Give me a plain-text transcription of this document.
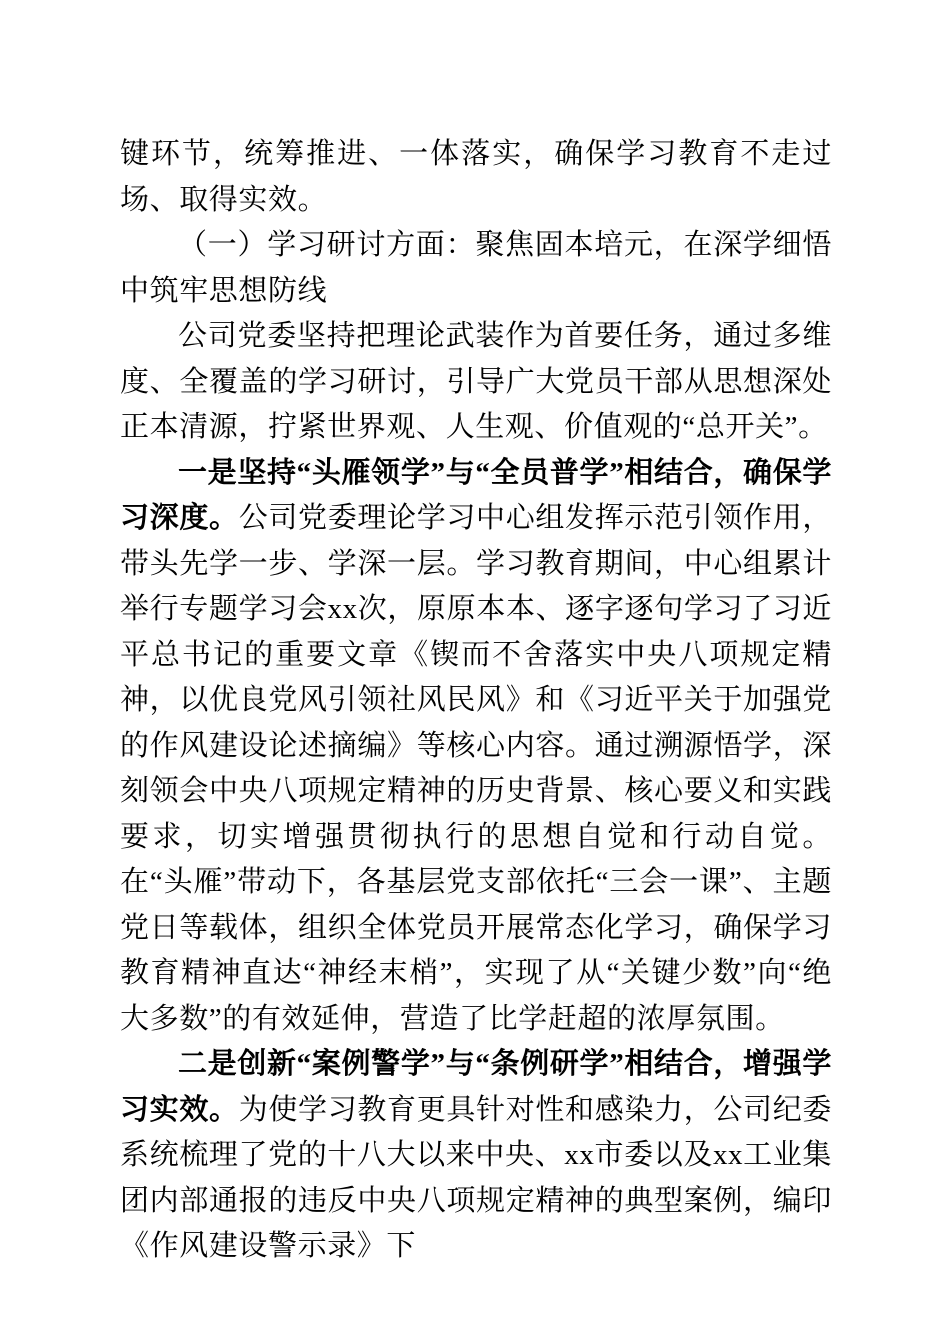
键环节，统筹推进、一体落实，确保学习教育不走过场、取得实效。

（一）学习研讨方面：聚焦固本培元，在深学细悟中筑牢思想防线

公司党委坚持把理论武装作为首要任务，通过多维度、全覆盖的学习研讨，引导广大党员干部从思想深处正本清源，拧紧世界观、人生观、价值观的“总开关”。

一是坚持“头雁领学”与“全员普学”相结合，确保学习深度。公司党委理论学习中心组发挥示范引领作用，带头先学一步、学深一层。学习教育期间，中心组累计举行专题学习会xx次，原原本本、逐字逐句学习了习近平总书记的重要文章《锲而不舍落实中央八项规定精神，以优良党风引领社风民风》和《习近平关于加强党的作风建设论述摘编》等核心内容。通过溯源悟学，深刻领会中央八项规定精神的历史背景、核心要义和实践要求，切实增强贯彻执行的思想自觉和行动自觉。在“头雁”带动下，各基层党支部依托“三会一课”、主题党日等载体，组织全体党员开展常态化学习，确保学习教育精神直达“神经末梢”，实现了从“关键少数”向“绝大多数”的有效延伸，营造了比学赶超的浓厚氛围。

二是创新“案例警学”与“条例研学”相结合，增强学习实效。为使学习教育更具针对性和感染力，公司纪委系统梳理了党的十八大以来中央、xx市委以及xx工业集团内部通报的违反中央八项规定精神的典型案例，编印《作风建设警示录》下
